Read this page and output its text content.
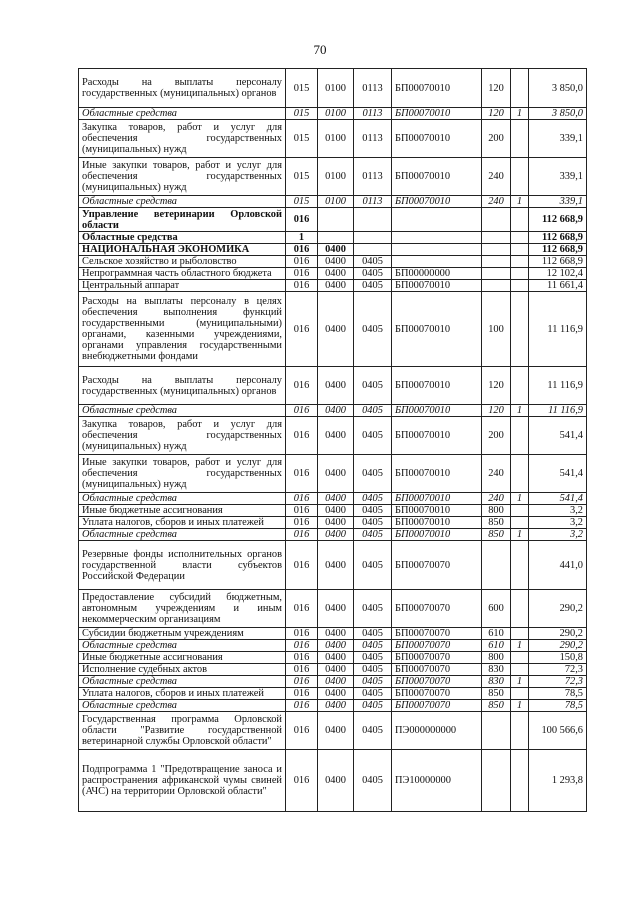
70
Расходы на выплаты персоналу государственных (муниципальных) органов	015	0100	0113	БП00070010	120		3 850,0
Областные средства	015	0100	0113	БП00070010	120	1	3 850,0
Закупка товаров, работ и услуг для обеспечения государственных (муниципальных) нужд	015	0100	0113	БП00070010	200		339,1
Иные закупки товаров, работ и услуг для обеспечения государственных (муниципальных) нужд	015	0100	0113	БП00070010	240		339,1
Областные средства	015	0100	0113	БП00070010	240	1	339,1
Управление ветеринарии Орловской области	016						112 668,9
Областные средства	1						112 668,9
НАЦИОНАЛЬНАЯ ЭКОНОМИКА	016	0400					112 668,9
Сельское хозяйство и рыболовство	016	0400	0405				112 668,9
Непрограммная часть областного бюджета	016	0400	0405	БП00000000			12 102,4
Центральный аппарат	016	0400	0405	БП00070010			11 661,4
Расходы на выплаты персоналу в целях обеспечения выполнения функций государственными (муниципальными) органами, казенными учреждениями, органами управления государственными внебюджетными фондами	016	0400	0405	БП00070010	100		11 116,9
Расходы на выплаты персоналу государственных (муниципальных) органов	016	0400	0405	БП00070010	120		11 116,9
Областные средства	016	0400	0405	БП00070010	120	1	11 116,9
Закупка товаров, работ и услуг для обеспечения государственных (муниципальных) нужд	016	0400	0405	БП00070010	200		541,4
Иные закупки товаров, работ и услуг для обеспечения государственных (муниципальных) нужд	016	0400	0405	БП00070010	240		541,4
Областные средства	016	0400	0405	БП00070010	240	1	541,4
Иные бюджетные ассигнования	016	0400	0405	БП00070010	800		3,2
Уплата налогов, сборов и иных платежей	016	0400	0405	БП00070010	850		3,2
Областные средства	016	0400	0405	БП00070010	850	1	3,2
Резервные фонды исполнительных органов государственной власти субъектов Российской Федерации	016	0400	0405	БП00070070			441,0
Предоставление субсидий бюджетным, автономным учреждениям и иным некоммерческим организациям	016	0400	0405	БП00070070	600		290,2
Субсидии бюджетным учреждениям	016	0400	0405	БП00070070	610		290,2
Областные средства	016	0400	0405	БП00070070	610	1	290,2
Иные бюджетные ассигнования	016	0400	0405	БП00070070	800		150,8
Исполнение судебных актов	016	0400	0405	БП00070070	830		72,3
Областные средства	016	0400	0405	БП00070070	830	1	72,3
Уплата налогов, сборов и иных платежей	016	0400	0405	БП00070070	850		78,5
Областные средства	016	0400	0405	БП00070070	850	1	78,5
Государственная программа Орловской области "Развитие государственной ветеринарной службы Орловской области"	016	0400	0405	ПЭ000000000			100 566,6
Подпрограмма 1 "Предотвращение заноса и распространения африканской чумы свиней (АЧС) на территории Орловской области"	016	0400	0405	ПЭ10000000			1 293,8
